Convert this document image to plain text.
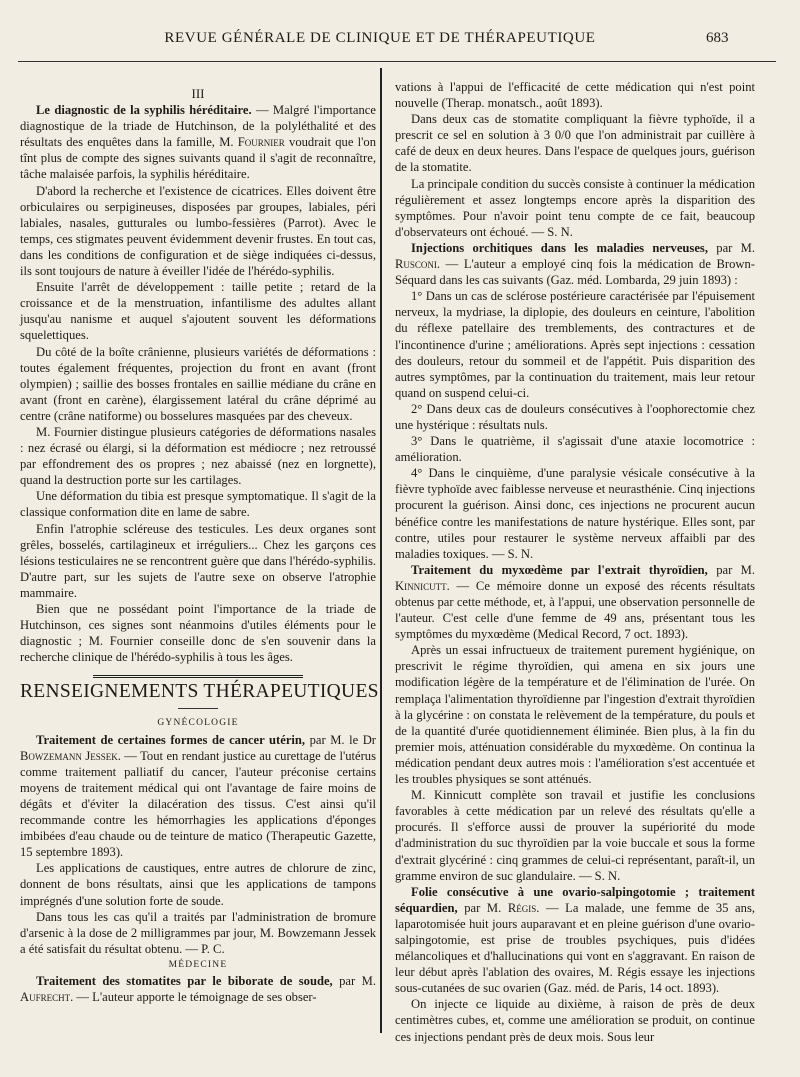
REVUE GÉNÉRALE DE CLINIQUE ET DE THÉRAPEUTIQUE	683

III

Le diagnostic de la syphilis héréditaire. — Malgré l'importance diagnostique de la triade de Hutchinson, de la polyléthalité et des résultats des enquêtes dans la famille, M. Fournier voudrait que l'on tînt plus de compte des signes suivants quand il s'agit de reconnaître, tâche malaisée parfois, la syphilis héréditaire.

D'abord la recherche et l'existence de cicatrices. Elles doivent être orbiculaires ou serpigineuses, disposées par groupes, labiales, péri labiales, nasales, gutturales ou lumbo-fessières (Parrot). Avec le temps, ces stigmates peuvent évidemment devenir frustes. En tout cas, dans les conditions de configuration et de siège indiquées ci-dessus, ils sont toujours de nature à éveiller l'idée de l'hérédo-syphilis.

Ensuite l'arrêt de développement : taille petite ; retard de la croissance et de la menstruation, infantilisme des adultes allant jusqu'au nanisme et auquel s'ajoutent souvent les déformations squelettiques.

Du côté de la boîte crânienne, plusieurs variétés de déformations : toutes également fréquentes, projection du front en avant (front olympien) ; saillie des bosses frontales en saillie médiane du crâne en avant (front en carène), élargissement latéral du crâne déprimé au centre (crâne natiforme) ou bosselures masquées par des cheveux.

M. Fournier distingue plusieurs catégories de déformations nasales : nez écrasé ou élargi, si la déformation est médiocre ; nez retroussé par effondrement des os propres ; nez abaissé (nez en lorgnette), quand la destruction porte sur les cartilages.

Une déformation du tibia est presque symptomatique. Il s'agit de la classique conformation dite en lame de sabre.

Enfin l'atrophie scléreuse des testicules. Les deux organes sont grêles, bosselés, cartilagineux et irréguliers... Chez les garçons ces lésions testiculaires ne se rencontrent guère que dans l'hérédo-syphilis. D'autre part, sur les sujets de l'autre sexe on observe l'atrophie mammaire.

Bien que ne possédant point l'importance de la triade de Hutchinson, ces signes sont néanmoins d'utiles éléments pour le diagnostic ; M. Fournier conseille donc de s'en souvenir dans la recherche clinique de l'hérédo-syphilis à tous les âges.

RENSEIGNEMENTS THÉRAPEUTIQUES

GYNÉCOLOGIE

Traitement de certaines formes de cancer utérin, par M. le Dr Bowzemann Jessek. — Tout en rendant justice au curettage de l'utérus comme traitement palliatif du cancer, l'auteur préconise certains moyens de traitement médical qui ont l'avantage de faire moins de dégâts et d'éviter la dilacération des tissus. C'est ainsi qu'il recommande contre les hémorrhagies les applications d'éponges imbibées d'eau chaude ou de teinture de matico (Therapeutic Gazette, 15 septembre 1893).

Les applications de caustiques, entre autres de chlorure de zinc, donnent de bons résultats, ainsi que les applications de tampons imprégnés d'une solution forte de soude.

Dans tous les cas qu'il a traités par l'administration de bromure d'arsenic à la dose de 2 milligrammes par jour, M. Bowzemann Jessek a été satisfait du résultat obtenu. — P. C.

MÉDECINE

Traitement des stomatites par le biborate de soude, par M. Aufrecht. — L'auteur apporte le témoignage de ses obser-

vations à l'appui de l'efficacité de cette médication qui n'est point nouvelle (Therap. monatsch., août 1893).

Dans deux cas de stomatite compliquant la fièvre typhoïde, il a prescrit ce sel en solution à 3 0/0 que l'on administrait par cuillère à café de deux en deux heures. Dans l'espace de quelques jours, guérison de la stomatite.

La principale condition du succès consiste à continuer la médication régulièrement et assez longtemps encore après la disparition des symptômes. Pour n'avoir point tenu compte de ce fait, beaucoup d'observateurs ont échoué. — S. N.

Injections orchitiques dans les maladies nerveuses, par M. Rusconi. — L'auteur a employé cinq fois la médication de Brown-Séquard dans les cas suivants (Gaz. méd. Lombarda, 29 juin 1893) :

1° Dans un cas de sclérose postérieure caractérisée par l'épuisement nerveux, la mydriase, la diplopie, des douleurs en ceinture, l'abolition du réflexe patellaire des tremblements, des contractures et de l'incontinence d'urine ; améliorations. Après sept injections : cessation des douleurs, retour du sommeil et de l'appétit. Puis disparition des autres symptômes, par la continuation du traitement, mais leur retour quand on suspend celui-ci.

2° Dans deux cas de douleurs consécutives à l'oophorectomie chez une hystérique : résultats nuls.

3° Dans le quatrième, il s'agissait d'une ataxie locomotrice : amélioration.

4° Dans le cinquième, d'une paralysie vésicale consécutive à la fièvre typhoïde avec faiblesse nerveuse et neurasthénie. Cinq injections procurent la guérison. Ainsi donc, ces injections ne procurent aucun bénéfice contre les manifestations de nature hystérique. Elles sont, par contre, utiles pour restaurer le système nerveux affaibli par des maladies toxiques. — S. N.

Traitement du myxœdème par l'extrait thyroïdien, par M. Kinnicutt. — Ce mémoire donne un exposé des récents résultats obtenus par cette méthode, et, à l'appui, une observation personnelle de l'auteur. C'est celle d'une femme de 49 ans, présentant tous les symptômes du myxœdème (Medical Record, 7 oct. 1893).

Après un essai infructueux de traitement purement hygiénique, on prescrivit le régime thyroïdien, qui amena en six jours une modification légère de la température et de l'élimination de l'urée. On remplaça l'alimentation thyroïdienne par l'ingestion d'extrait thyroïdien à la glycérine : on constata le relèvement de la température, du pouls et de la quantité d'urée quotidiennement éliminée. Bien plus, à la fin du premier mois, atténuation considérable du myxœdème. On continua la médication pendant deux autres mois : l'amélioration s'est accentuée et les troubles physiques se sont atténués.

M. Kinnicutt complète son travail et justifie les conclusions favorables à cette médication par un relevé des résultats qu'elle a procurés. Il s'efforce aussi de prouver la supériorité du mode d'administration du suc thyroïdien par la voie buccale et sous la forme d'extrait glycériné : cinq grammes de celui-ci représentant, paraît-il, un gramme environ de suc glandulaire. — S. N.

Folie consécutive à une ovario-salpingotomie ; traitement séquardien, par M. Régis. — La malade, une femme de 35 ans, laparotomisée huit jours auparavant et en pleine guérison d'une ovario-salpingotomie, est prise de troubles psychiques, puis d'idées mélancoliques et d'hallucinations qui vont en s'aggravant. En raison de leur début après l'ablation des ovaires, M. Régis essaye les injections sous-cutanées de suc ovarien (Gaz. méd. de Paris, 14 oct. 1893).

On injecte ce liquide au dixième, à raison de près de deux centimètres cubes, et, comme une amélioration se produit, on continue ces injections pendant près de deux mois. Sous leur
